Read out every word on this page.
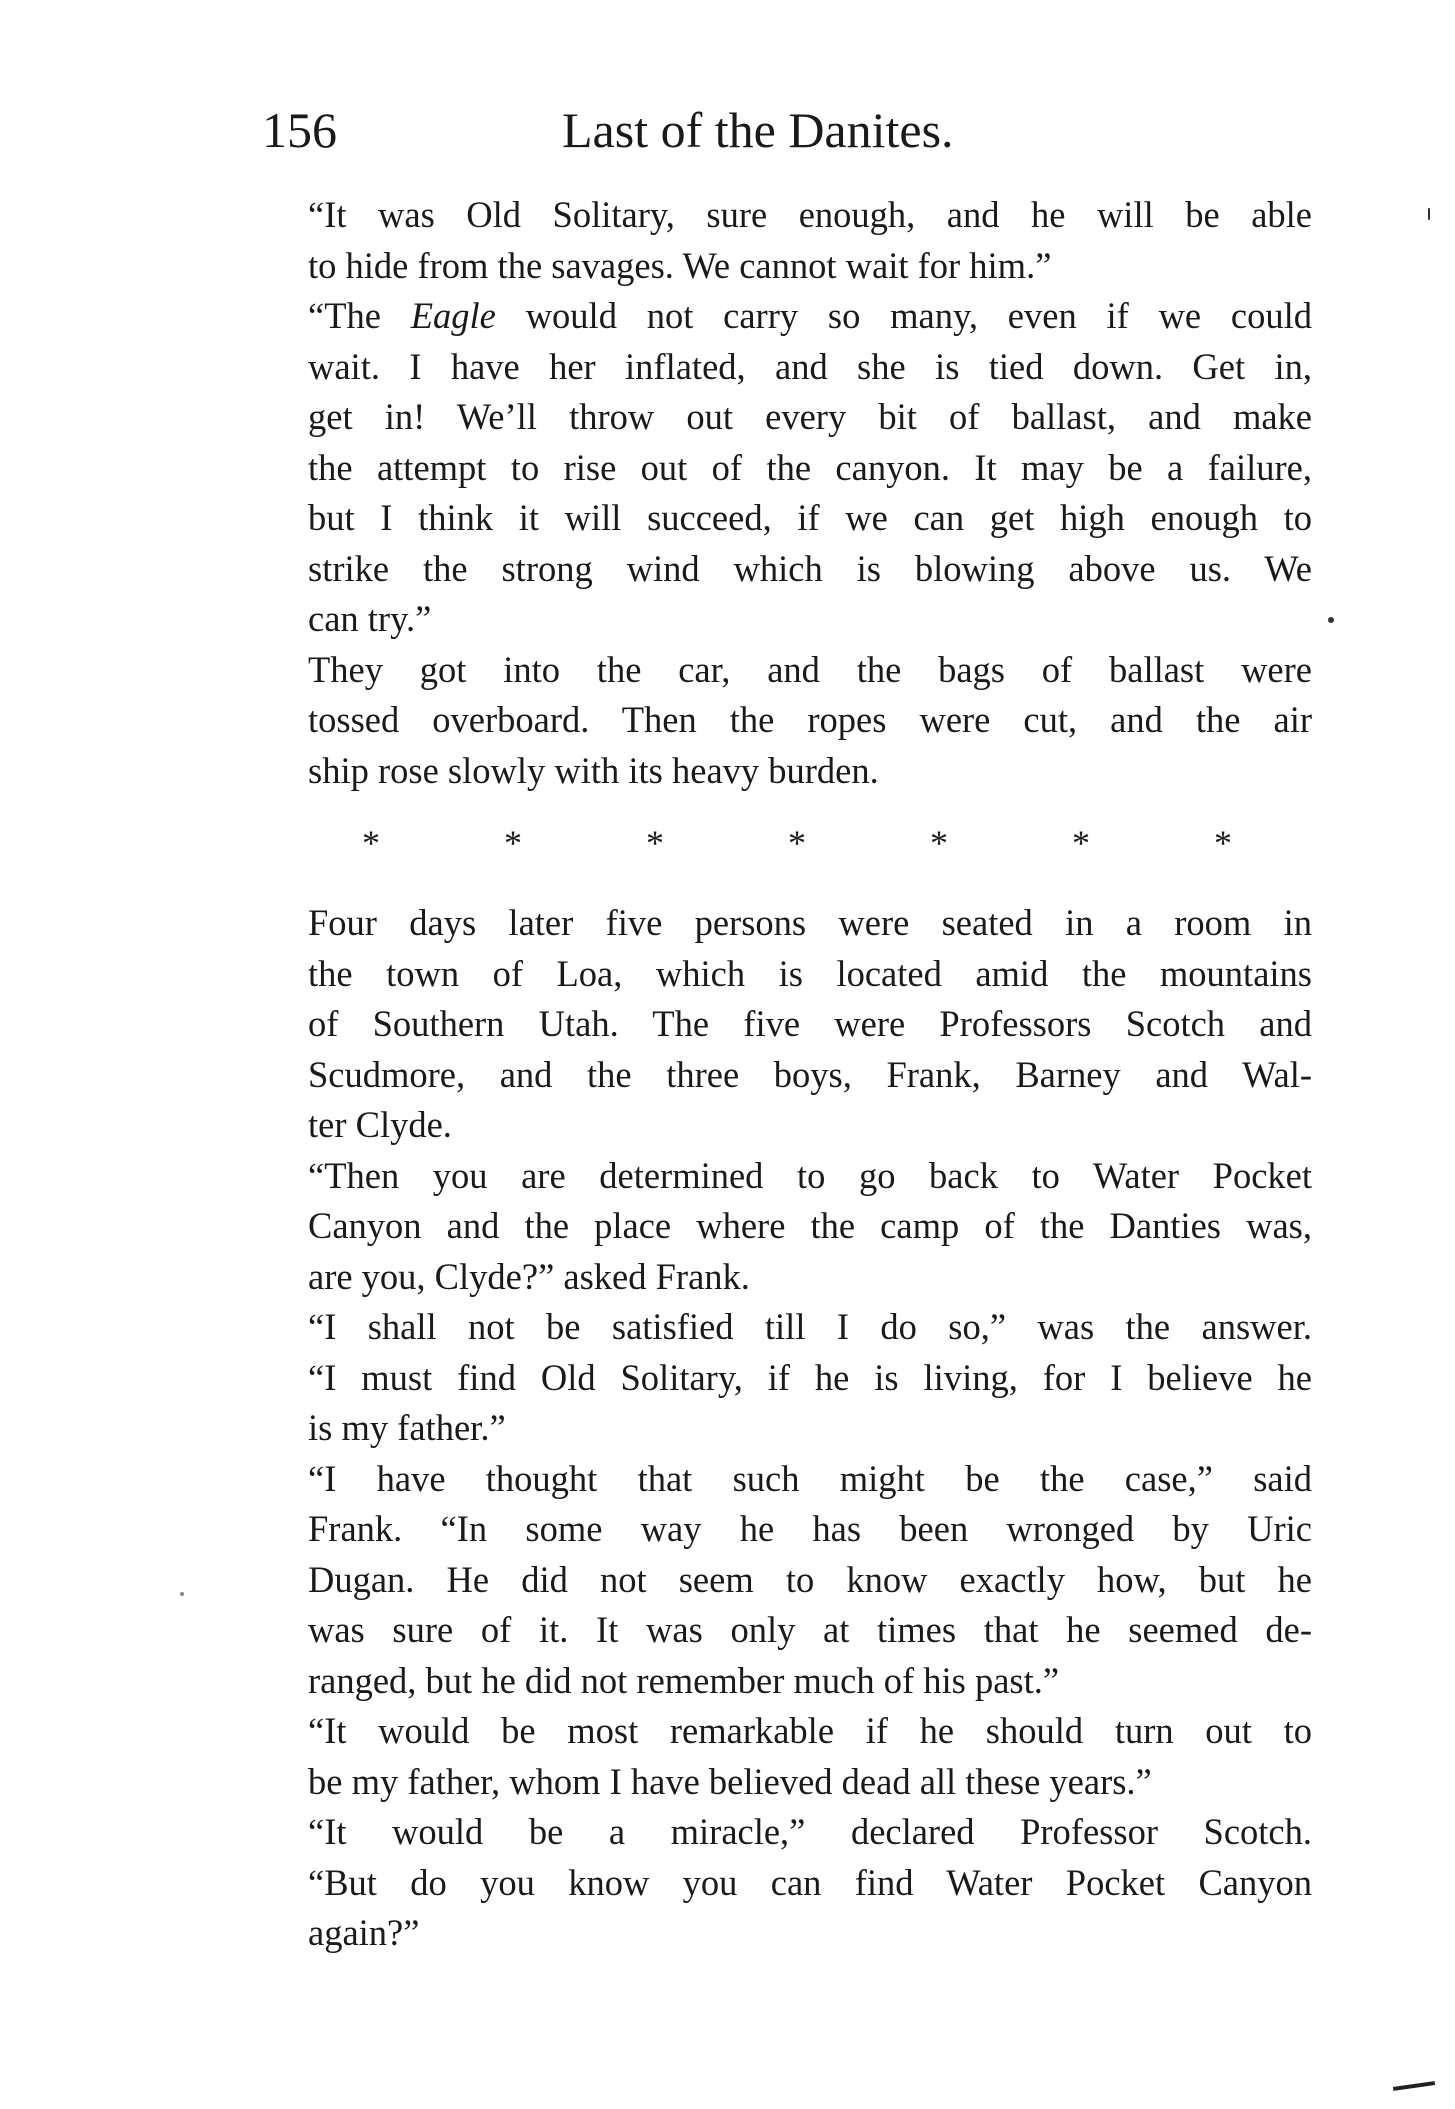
156	Last of the Danites.

“It was Old Solitary, sure enough, and he will be able
to hide from the savages. We cannot wait for him.”

“The Eagle would not carry so many, even if we could
wait. I have her inflated, and she is tied down. Get in,
get in! We’ll throw out every bit of ballast, and make
the attempt to rise out of the canyon. It may be a failure,
but I think it will succeed, if we can get high enough to
strike the strong wind which is blowing above us. We
can try.”

They got into the car, and the bags of ballast were
tossed overboard. Then the ropes were cut, and the air
ship rose slowly with its heavy burden.

*	*	*	*	*	*	*

Four days later five persons were seated in a room in
the town of Loa, which is located amid the mountains
of Southern Utah. The five were Professors Scotch and
Scudmore, and the three boys, Frank, Barney and Wal-
ter Clyde.

“Then you are determined to go back to Water Pocket
Canyon and the place where the camp of the Danties was,
are you, Clyde?” asked Frank.

“I shall not be satisfied till I do so,” was the answer.
“I must find Old Solitary, if he is living, for I believe he
is my father.”

“I have thought that such might be the case,” said
Frank. “In some way he has been wronged by Uric
Dugan. He did not seem to know exactly how, but he
was sure of it. It was only at times that he seemed de-
ranged, but he did not remember much of his past.”

“It would be most remarkable if he should turn out to
be my father, whom I have believed dead all these years.”

“It would be a miracle,” declared Professor Scotch.
“But do you know you can find Water Pocket Canyon
again?”
